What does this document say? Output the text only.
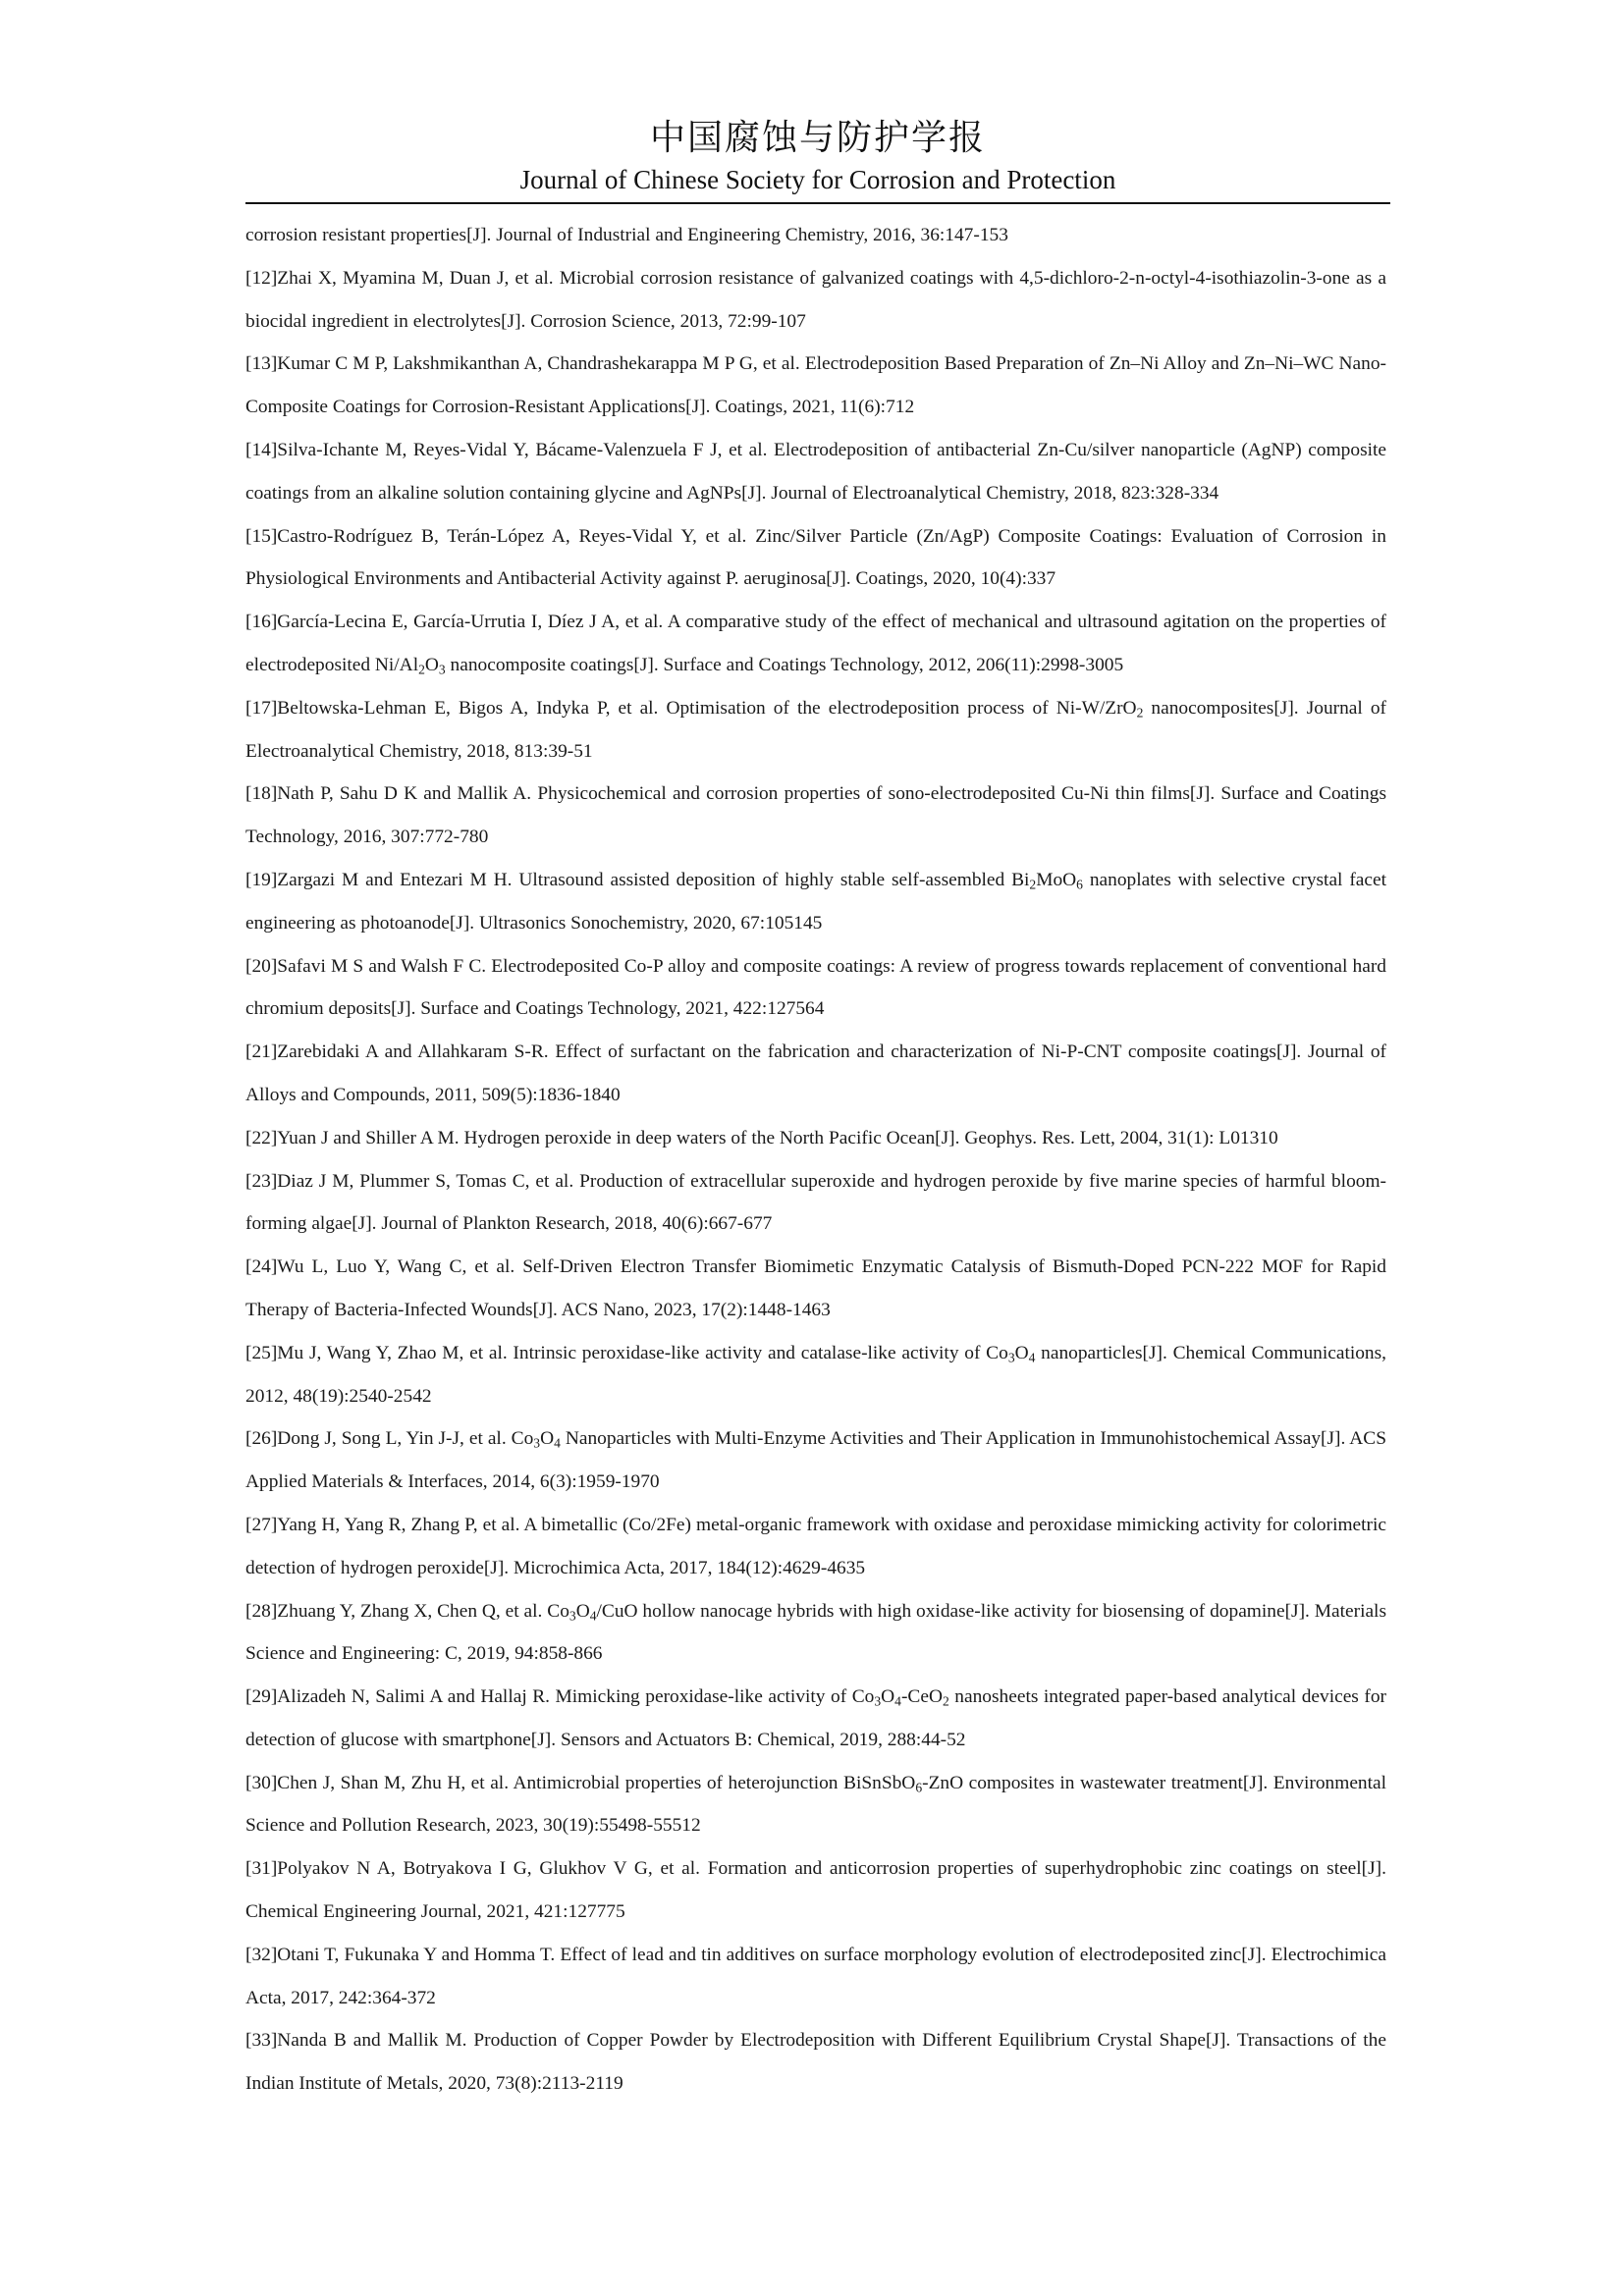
中国腐蚀与防护学报
Journal of Chinese Society for Corrosion and Protection
corrosion resistant properties[J]. Journal of Industrial and Engineering Chemistry, 2016, 36:147-153
[12]Zhai X, Myamina M, Duan J, et al. Microbial corrosion resistance of galvanized coatings with 4,5-dichloro-2-n-octyl-4-isothiazolin-3-one as a biocidal ingredient in electrolytes[J]. Corrosion Science, 2013, 72:99-107
[13]Kumar C M P, Lakshmikanthan A, Chandrashekarappa M P G, et al. Electrodeposition Based Preparation of Zn–Ni Alloy and Zn–Ni–WC Nano-Composite Coatings for Corrosion-Resistant Applications[J]. Coatings, 2021, 11(6):712
[14]Silva-Ichante M, Reyes-Vidal Y, Bácame-Valenzuela F J, et al. Electrodeposition of antibacterial Zn-Cu/silver nanoparticle (AgNP) composite coatings from an alkaline solution containing glycine and AgNPs[J]. Journal of Electroanalytical Chemistry, 2018, 823:328-334
[15]Castro-Rodríguez B, Terán-López A, Reyes-Vidal Y, et al. Zinc/Silver Particle (Zn/AgP) Composite Coatings: Evaluation of Corrosion in Physiological Environments and Antibacterial Activity against P. aeruginosa[J]. Coatings, 2020, 10(4):337
[16]García-Lecina E, García-Urrutia I, Díez J A, et al. A comparative study of the effect of mechanical and ultrasound agitation on the properties of electrodeposited $Ni/Al_2O_3$ nanocomposite coatings[J]. Surface and Coatings Technology, 2012, 206(11):2998-3005
[17]Beltowska-Lehman E, Bigos A, Indyka P, et al. Optimisation of the electrodeposition process of Ni-W/ZrO$_2$ nanocomposites[J]. Journal of Electroanalytical Chemistry, 2018, 813:39-51
[18]Nath P, Sahu D K and Mallik A. Physicochemical and corrosion properties of sono-electrodeposited Cu-Ni thin films[J]. Surface and Coatings Technology, 2016, 307:772-780
[19]Zargazi M and Entezari M H. Ultrasound assisted deposition of highly stable self-assembled $Bi_2MoO_6$ nanoplates with selective crystal facet engineering as photoanode[J]. Ultrasonics Sonochemistry, 2020, 67:105145
[20]Safavi M S and Walsh F C. Electrodeposited Co-P alloy and composite coatings: A review of progress towards replacement of conventional hard chromium deposits[J]. Surface and Coatings Technology, 2021, 422:127564
[21]Zarebidaki A and Allahkaram S-R. Effect of surfactant on the fabrication and characterization of Ni-P-CNT composite coatings[J]. Journal of Alloys and Compounds, 2011, 509(5):1836-1840
[22]Yuan J and Shiller A M. Hydrogen peroxide in deep waters of the North Pacific Ocean[J]. Geophys. Res. Lett, 2004, 31(1): L01310
[23]Diaz J M, Plummer S, Tomas C, et al. Production of extracellular superoxide and hydrogen peroxide by five marine species of harmful bloom-forming algae[J]. Journal of Plankton Research, 2018, 40(6):667-677
[24]Wu L, Luo Y, Wang C, et al. Self-Driven Electron Transfer Biomimetic Enzymatic Catalysis of Bismuth-Doped PCN-222 MOF for Rapid Therapy of Bacteria-Infected Wounds[J]. ACS Nano, 2023, 17(2):1448-1463
[25]Mu J, Wang Y, Zhao M, et al. Intrinsic peroxidase-like activity and catalase-like activity of $Co_3O_4$ nanoparticles[J]. Chemical Communications, 2012, 48(19):2540-2542
[26]Dong J, Song L, Yin J-J, et al. $Co_3O_4$ Nanoparticles with Multi-Enzyme Activities and Their Application in Immunohistochemical Assay[J]. ACS Applied Materials & Interfaces, 2014, 6(3):1959-1970
[27]Yang H, Yang R, Zhang P, et al. A bimetallic (Co/2Fe) metal-organic framework with oxidase and peroxidase mimicking activity for colorimetric detection of hydrogen peroxide[J]. Microchimica Acta, 2017, 184(12):4629-4635
[28]Zhuang Y, Zhang X, Chen Q, et al. $Co_3O_4$/CuO hollow nanocage hybrids with high oxidase-like activity for biosensing of dopamine[J]. Materials Science and Engineering: C, 2019, 94:858-866
[29]Alizadeh N, Salimi A and Hallaj R. Mimicking peroxidase-like activity of $Co_3O_4-CeO_2$ nanosheets integrated paper-based analytical devices for detection of glucose with smartphone[J]. Sensors and Actuators B: Chemical, 2019, 288:44-52
[30]Chen J, Shan M, Zhu H, et al. Antimicrobial properties of heterojunction BiSnSbO$_6$-ZnO composites in wastewater treatment[J]. Environmental Science and Pollution Research, 2023, 30(19):55498-55512
[31]Polyakov N A, Botryakova I G, Glukhov V G, et al. Formation and anticorrosion properties of superhydrophobic zinc coatings on steel[J]. Chemical Engineering Journal, 2021, 421:127775
[32]Otani T, Fukunaka Y and Homma T. Effect of lead and tin additives on surface morphology evolution of electrodeposited zinc[J]. Electrochimica Acta, 2017, 242:364-372
[33]Nanda B and Mallik M. Production of Copper Powder by Electrodeposition with Different Equilibrium Crystal Shape[J]. Transactions of the Indian Institute of Metals, 2020, 73(8):2113-2119
